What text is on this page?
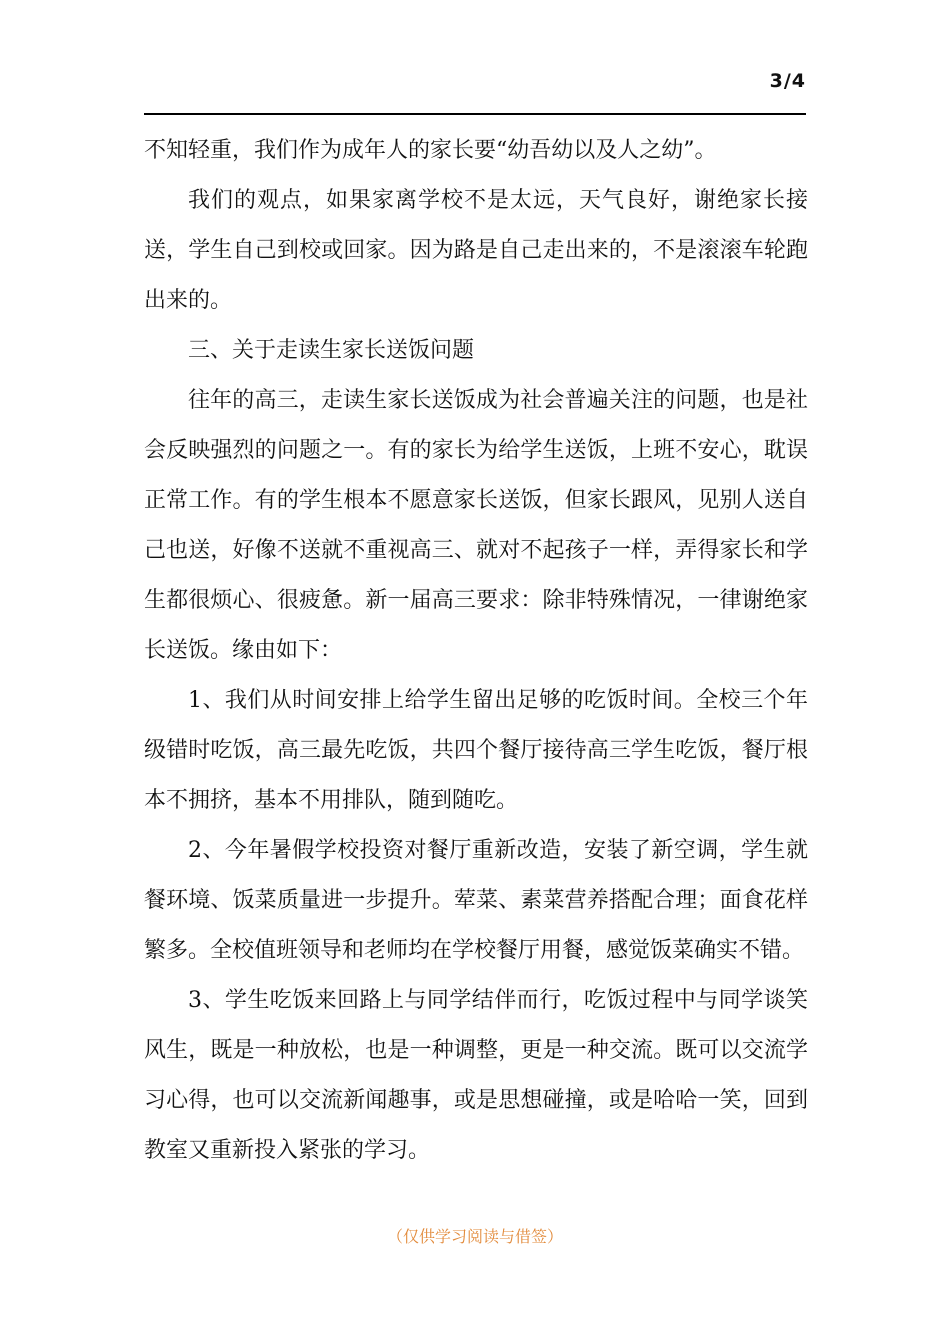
3/4

不知轻重，我们作为成年人的家长要“幼吾幼以及人之幼”。

我们的观点，如果家离学校不是太远，天气良好，谢绝家长接送，学生自己到校或回家。因为路是自己走出来的，不是滚滚车轮跑出来的。

三、关于走读生家长送饭问题

往年的高三，走读生家长送饭成为社会普遍关注的问题，也是社会反映强烈的问题之一。有的家长为给学生送饭，上班不安心，耽误正常工作。有的学生根本不愿意家长送饭，但家长跟风，见别人送自己也送，好像不送就不重视高三、就对不起孩子一样，弄得家长和学生都很烦心、很疲惫。新一届高三要求：除非特殊情况，一律谢绝家长送饭。缘由如下：

1、我们从时间安排上给学生留出足够的吃饭时间。全校三个年级错时吃饭，高三最先吃饭，共四个餐厅接待高三学生吃饭，餐厅根本不拥挤，基本不用排队，随到随吃。

2、今年暑假学校投资对餐厅重新改造，安装了新空调，学生就餐环境、饭菜质量进一步提升。荤菜、素菜营养搭配合理；面食花样繁多。全校值班领导和老师均在学校餐厅用餐，感觉饭菜确实不错。

3、学生吃饭来回路上与同学结伴而行，吃饭过程中与同学谈笑风生，既是一种放松，也是一种调整，更是一种交流。既可以交流学习心得，也可以交流新闻趣事，或是思想碰撞，或是哈哈一笑，回到教室又重新投入紧张的学习。

（仅供学习阅读与借签）
